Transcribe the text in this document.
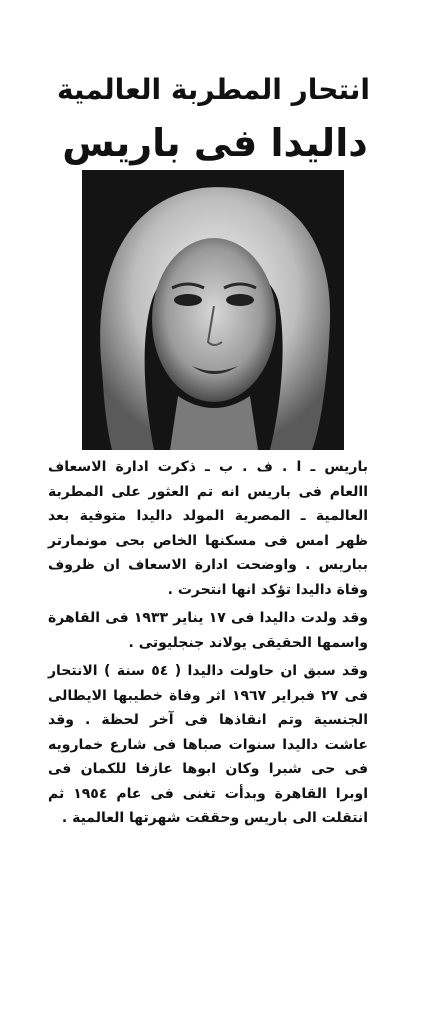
انتحار المطربة العالمية
داليدا فى باريس

باريس ـ ا . ف . ب ـ ذكرت ادارة الاسعاف االعام فى باريس انه تم العثور على المطربة العالمية ـ المصرية المولد داليدا متوفية بعد ظهر امس فى مسكنها الخاص بحى مونمارتر بباريس . واوضحت ادارة الاسعاف ان ظروف وفاة داليدا تؤكد انها انتحرت .

وقد ولدت داليدا فى ١٧ يناير ١٩٣٣ فى القاهرة واسمها الحقيقى يولاند جنجليوتى .

وقد سبق ان حاولت داليدا ( ٥٤ سنة ) الانتحار فى ٢٧ فبراير ١٩٦٧ اثر وفاة خطيبها الايطالى الجنسية وتم انقاذها فى آخر لحظة . وقد عاشت داليدا سنوات صباها فى شارع خمارويه فى حى شبرا وكان ابوها عازفا للكمان فى اوبرا القاهرة وبدأت تغنى فى عام ١٩٥٤ ثم انتقلت الى باريس وحققت شهرتها العالمية .
